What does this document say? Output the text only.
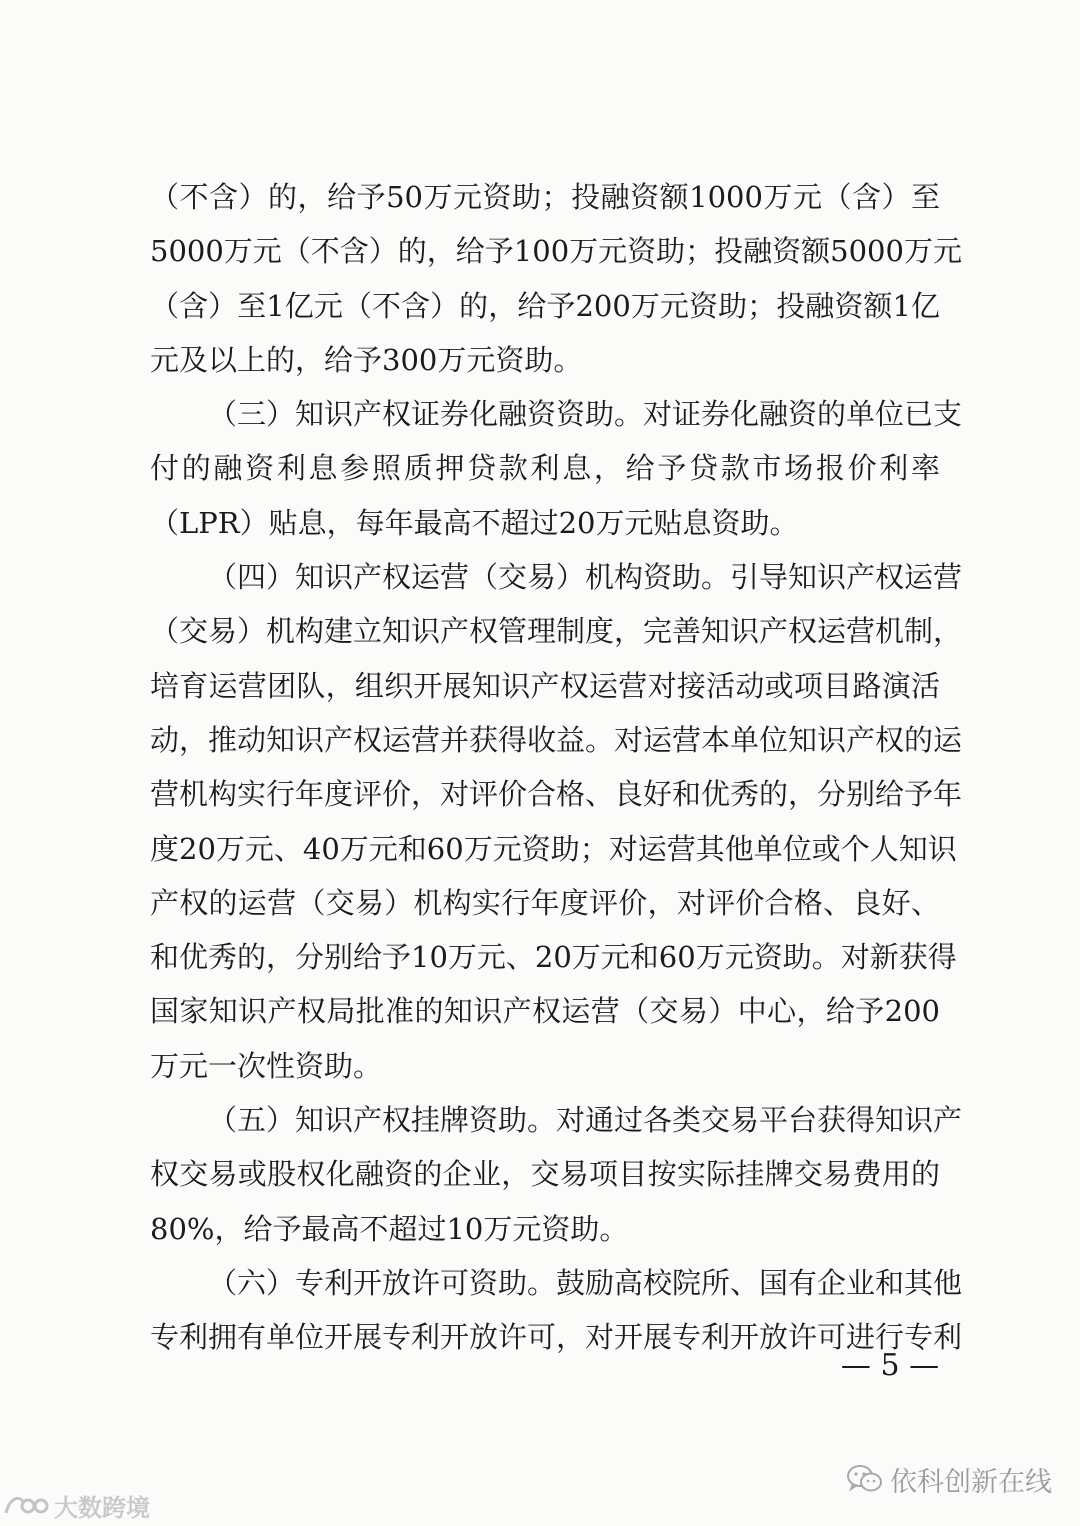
（不含）的，给予50万元资助；投融资额1000万元（含）至
5000万元（不含）的，给予100万元资助；投融资额5000万元
（含）至1亿元（不含）的，给予200万元资助；投融资额1亿
元及以上的，给予300万元资助。
（三）知识产权证券化融资资助。对证券化融资的单位已支
付的融资利息参照质押贷款利息，给予贷款市场报价利率
（LPR）贴息，每年最高不超过20万元贴息资助。
（四）知识产权运营（交易）机构资助。引导知识产权运营
（交易）机构建立知识产权管理制度，完善知识产权运营机制，
培育运营团队，组织开展知识产权运营对接活动或项目路演活
动，推动知识产权运营并获得收益。对运营本单位知识产权的运
营机构实行年度评价，对评价合格、良好和优秀的，分别给予年
度20万元、40万元和60万元资助；对运营其他单位或个人知识
产权的运营（交易）机构实行年度评价，对评价合格、良好、
和优秀的，分别给予10万元、20万元和60万元资助。对新获得
国家知识产权局批准的知识产权运营（交易）中心，给予200
万元一次性资助。
（五）知识产权挂牌资助。对通过各类交易平台获得知识产
权交易或股权化融资的企业，交易项目按实际挂牌交易费用的
80%，给予最高不超过10万元资助。
（六）专利开放许可资助。鼓励高校院所、国有企业和其他
专利拥有单位开展专利开放许可，对开展专利开放许可进行专利
— 5 —
依科创新在线
大数跨境
